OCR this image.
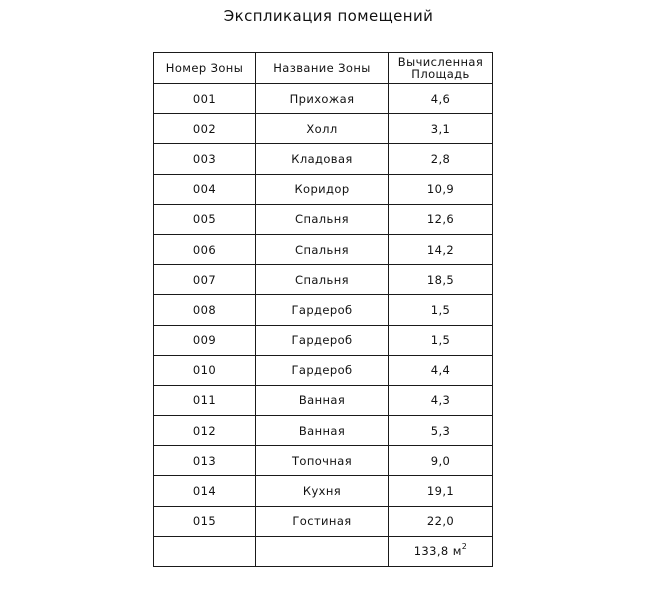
Экспликация помещений
Номер Зоны	Название Зоны	Вычисленная
Площадь
001	Прихожая	4,6
002	Холл	3,1
003	Кладовая	2,8
004	Коридор	10,9
005	Спальня	12,6
006	Спальня	14,2
007	Спальня	18,5
008	Гардероб	1,5
009	Гардероб	1,5
010	Гардероб	4,4
011	Ванная	4,3
012	Ванная	5,3
013	Топочная	9,0
014	Кухня	19,1
015	Гостиная	22,0
		133,8 $м^2$
